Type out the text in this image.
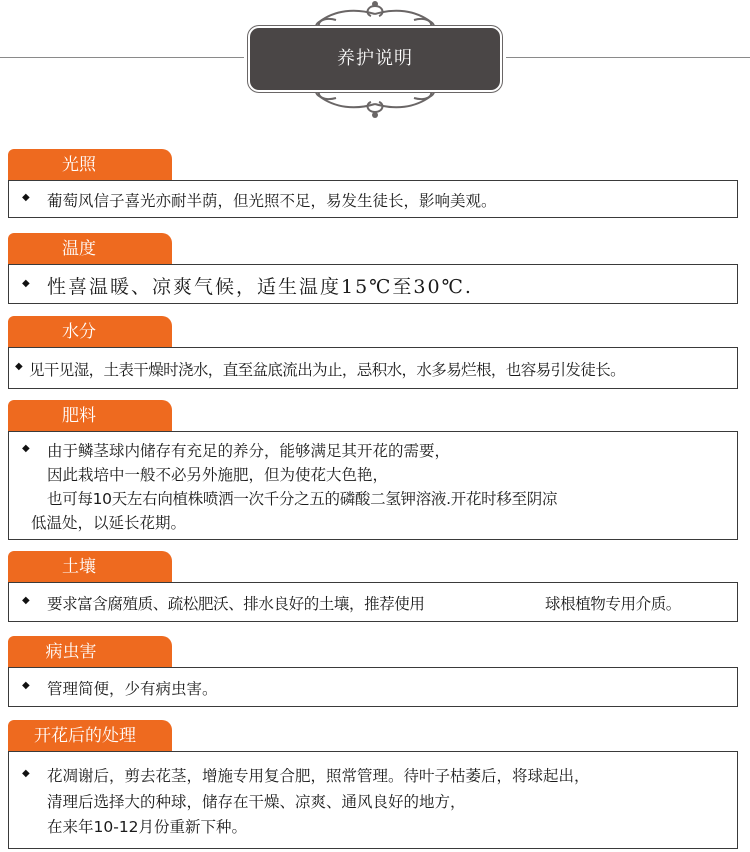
养护说明
光照
◆ 葡萄风信子喜光亦耐半荫，但光照不足，易发生徒长，影响美观。
温度
◆ 性喜温暖、凉爽气候，适生温度15℃至30℃.
水分
◆ 见干见湿，土表干燥时浇水，直至盆底流出为止，忌积水，水多易烂根，也容易引发徒长。
肥料
◆ 由于鳞茎球内储存有充足的养分，能够满足其开花的需要，
因此栽培中一般不必另外施肥，但为使花大色艳，
也可每10天左右向植株喷洒一次千分之五的磷酸二氢钾溶液.开花时移至阴凉
低温处，以延长花期。
土壤
◆ 要求富含腐殖质、疏松肥沃、排水良好的土壤，推荐使用	球根植物专用介质。
病虫害
◆ 管理简便，少有病虫害。
开花后的处理
◆ 花凋谢后，剪去花茎，增施专用复合肥，照常管理。待叶子枯萎后，将球起出，
清理后选择大的种球，储存在干燥、凉爽、通风良好的地方，
在来年10-12月份重新下种。
